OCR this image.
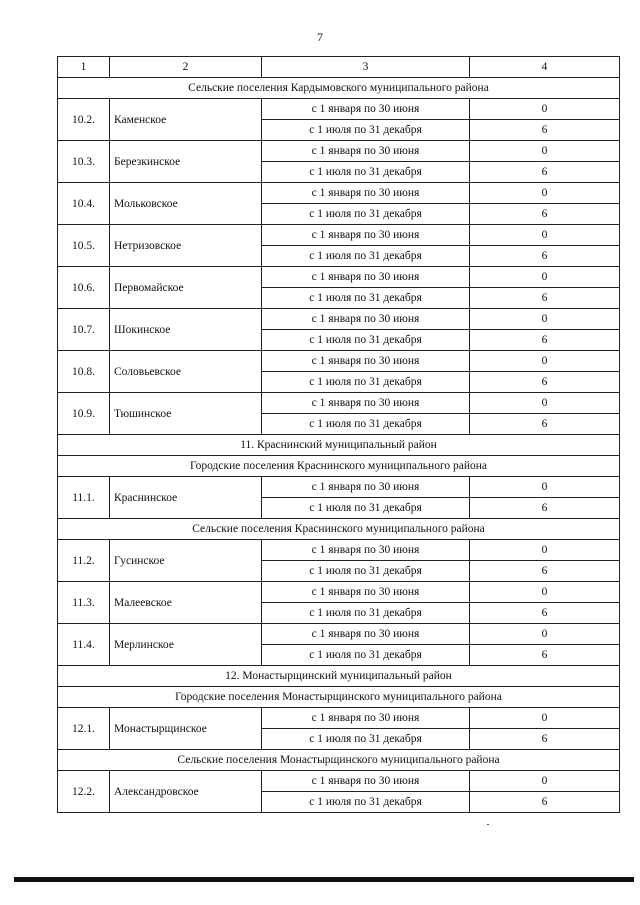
7
1	2	3	4
Сельские поселения Кардымовского муниципального района			
10.2.	Каменское	с 1 января по 30 июня	0
		с 1 июля по 31 декабря	6
10.3.	Березкинское	с 1 января по 30 июня	0
		с 1 июля по 31 декабря	6
10.4.	Мольковское	с 1 января по 30 июня	0
		с 1 июля по 31 декабря	6
10.5.	Нетризовское	с 1 января по 30 июня	0
		с 1 июля по 31 декабря	6
10.6.	Первомайское	с 1 января по 30 июня	0
		с 1 июля по 31 декабря	6
10.7.	Шокинское	с 1 января по 30 июня	0
		с 1 июля по 31 декабря	6
10.8.	Соловьевское	с 1 января по 30 июня	0
		с 1 июля по 31 декабря	6
10.9.	Тюшинское	с 1 января по 30 июня	0
		с 1 июля по 31 декабря	6
11. Краснинский муниципальный район			
Городские поселения Краснинского муниципального района			
11.1.	Краснинское	с 1 января по 30 июня	0
		с 1 июля по 31 декабря	6
Сельские поселения Краснинского муниципального района			
11.2.	Гусинское	с 1 января по 30 июня	0
		с 1 июля по 31 декабря	6
11.3.	Малеевское	с 1 января по 30 июня	0
		с 1 июля по 31 декабря	6
11.4.	Мерлинское	с 1 января по 30 июня	0
		с 1 июля по 31 декабря	6
12. Монастырщинский муниципальный район			
Городские поселения Монастырщинского муниципального района			
12.1.	Монастырщинское	с 1 января по 30 июня	0
		с 1 июля по 31 декабря	6
Сельские поселения Монастырщинского муниципального района			
12.2.	Александровское	с 1 января по 30 июня	0
		с 1 июля по 31 декабря	6
